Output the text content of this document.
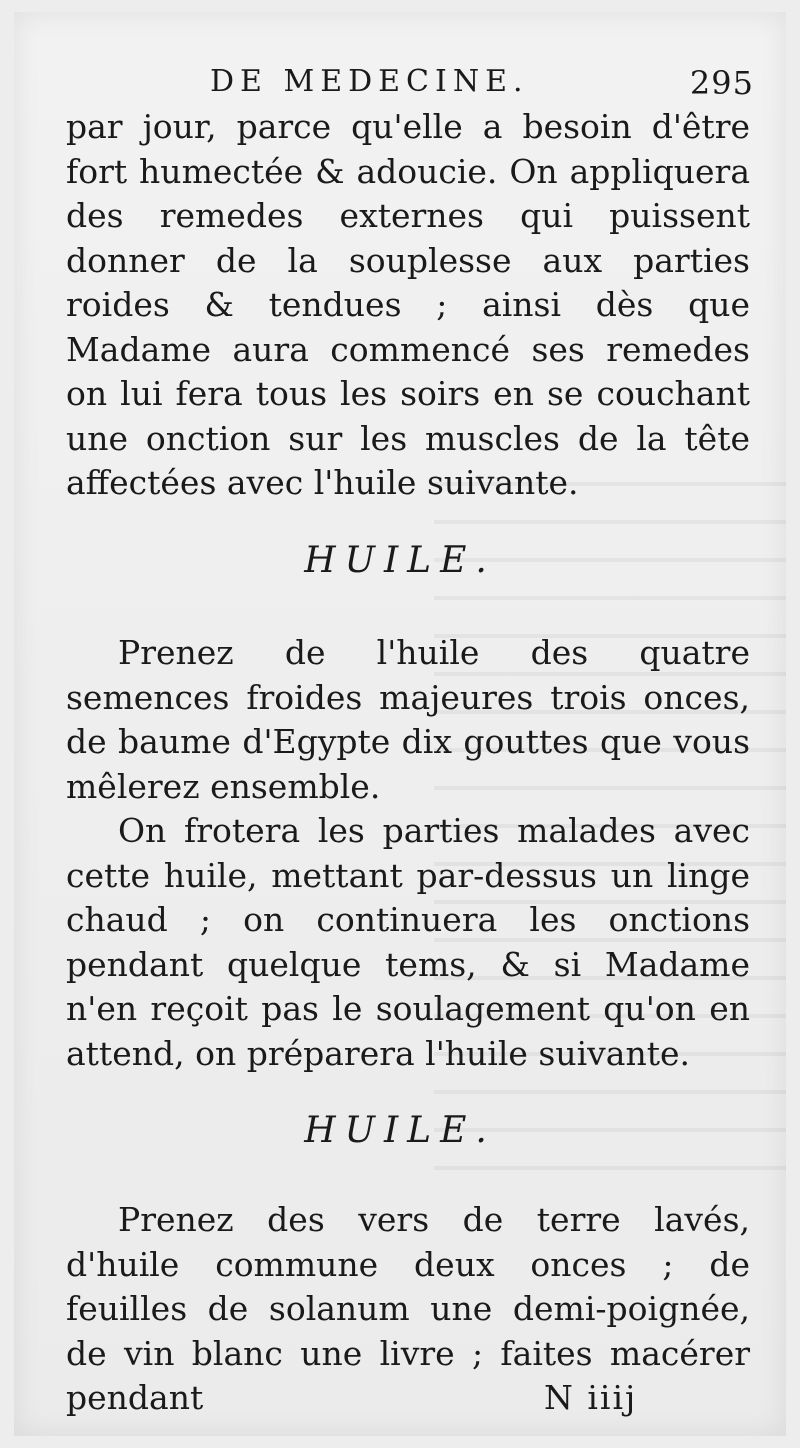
DE MEDECINE.	295

par jour, parce qu'elle a besoin d'être fort humectée & adoucie. On appliquera des remedes externes qui puissent donner de la souplesse aux parties roides & tendues ; ainsi dès que Madame aura commencé ses remedes on lui fera tous les soirs en se couchant une onction sur les muscles de la tête affectées avec l'huile suivante.

HUILE.

Prenez de l'huile des quatre semences froides majeures trois onces, de baume d'Egypte dix gouttes que vous mêlerez ensemble.

On frotera les parties malades avec cette huile, mettant par-dessus un linge chaud ; on continuera les onctions pendant quelque tems, & si Madame n'en reçoit pas le soulagement qu'on en attend, on préparera l'huile suivante.

HUILE.

Prenez des vers de terre lavés, d'huile commune deux onces ; de feuilles de solanum une demi-poignée, de vin blanc une livre ; faites macérer pendant	N iiij
